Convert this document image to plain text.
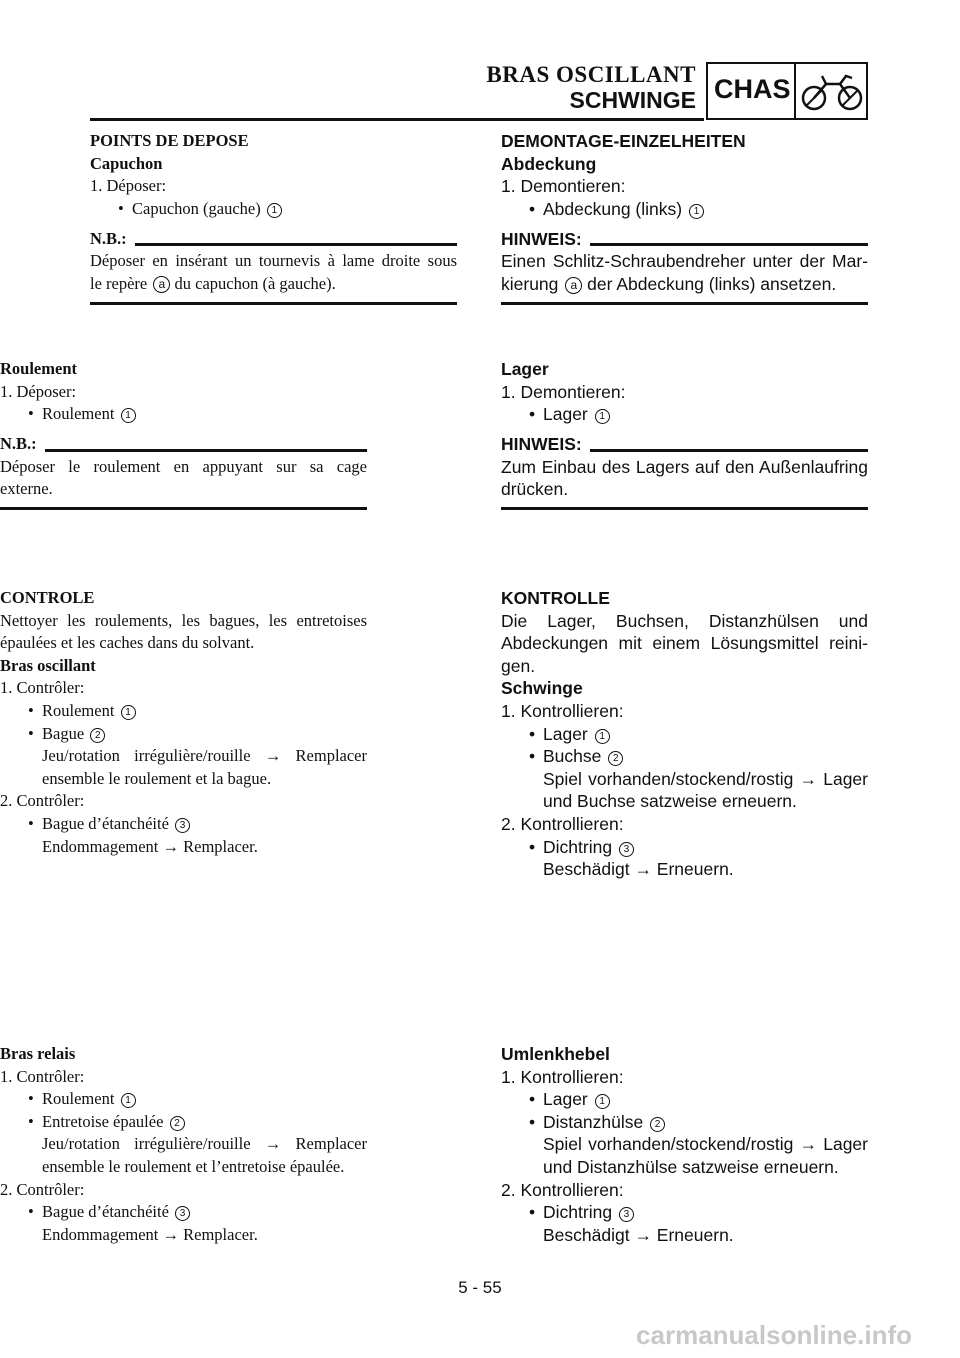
BRAS OSCILLANT
SCHWINGE CHAS
POINTS DE DEPOSE
Capuchon
1. Déposer:
• Capuchon (gauche) 1
N.B.:
Déposer en insérant un tournevis à lame droite sous
le repère a du capuchon (à gauche).
Roulement
1. Déposer:
• Roulement 1
N.B.:
Déposer le roulement en appuyant sur sa cage
externe.
CONTROLE
Nettoyer les roulements, les bagues, les entretoises
épaulées et les caches dans du solvant.
Bras oscillant
1. Contrôler:
• Roulement 1
• Bague 2
Jeu/rotation irrégulière/rouille → Remplacer
ensemble le roulement et la bague.
2. Contrôler:
• Bague d’étanchéité 3
Endommagement → Remplacer.
Bras relais
1. Contrôler:
• Roulement 1
• Entretoise épaulée 2
Jeu/rotation irrégulière/rouille → Remplacer
ensemble le roulement et l’entretoise épaulée.
2. Contrôler:
• Bague d’étanchéité 3
Endommagement → Remplacer.
DEMONTAGE-EINZELHEITEN
Abdeckung
1. Demontieren:
• Abdeckung (links) 1
HINWEIS:
Einen Schlitz-Schraubendreher unter der Mar-
kierung a der Abdeckung (links) ansetzen.
Lager
1. Demontieren:
• Lager 1
HINWEIS:
Zum Einbau des Lagers auf den Außenlaufring
drücken.
KONTROLLE
Die Lager, Buchsen, Distanzhülsen und
Abdeckungen mit einem Lösungsmittel reini-
gen.
Schwinge
1. Kontrollieren:
• Lager 1
• Buchse 2
Spiel vorhanden/stockend/rostig → Lager
und Buchse satzweise erneuern.
2. Kontrollieren:
• Dichtring 3
Beschädigt → Erneuern.
Umlenkhebel
1. Kontrollieren:
• Lager 1
• Distanzhülse 2
Spiel vorhanden/stockend/rostig → Lager
und Distanzhülse satzweise erneuern.
2. Kontrollieren:
• Dichtring 3
Beschädigt → Erneuern.
5 - 55
carmanualsonline.info
